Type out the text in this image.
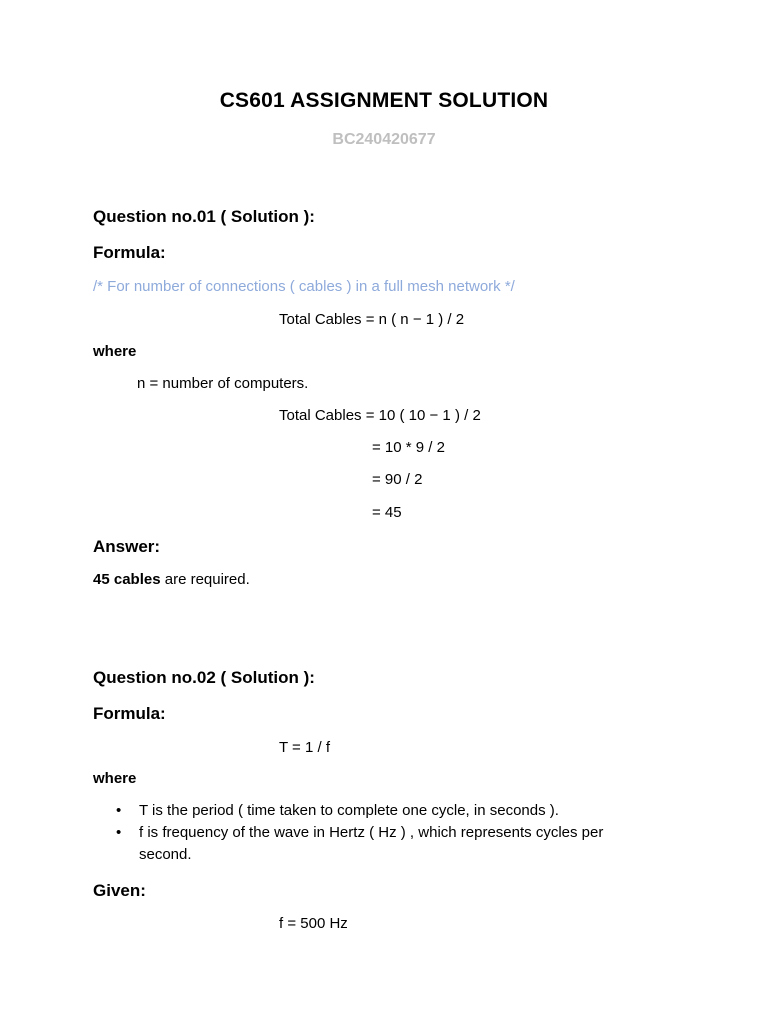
CS601 ASSIGNMENT SOLUTION
BC240420677
Question no.01 ( Solution ):
Formula:
/* For number of connections ( cables ) in a full mesh network */
Total Cables = n ( n − 1 ) / 2
where
n = number of computers.
Total Cables = 10 ( 10 − 1 ) / 2
= 10 * 9 / 2
= 90 / 2
= 45
Answer:
45 cables are required.
Question no.02 ( Solution ):
Formula:
T = 1 / f
where
• T is the period ( time taken to complete one cycle, in seconds ).
• f is frequency of the wave in Hertz ( Hz ) , which represents cycles per second.
Given:
f = 500 Hz
